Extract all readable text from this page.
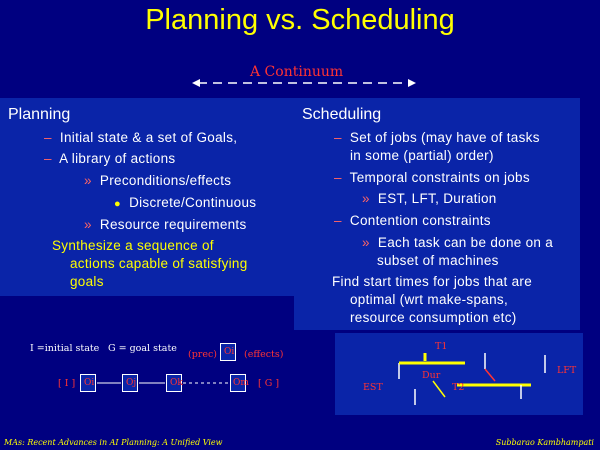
Planning vs. Scheduling
A Continuum
Planning
– Initial state & a set of Goals,
– A library of actions
» Preconditions/effects
● Discrete/Continuous
» Resource requirements
Synthesize a sequence of
actions capable of satisfying
goals
Scheduling
– Set of jobs (may have of tasks
in some (partial) order)
– Temporal constraints on jobs
» EST, LFT, Duration
– Contention constraints
» Each task can be done on a
subset of machines
Find start times for jobs that are
optimal (wrt make-spans,
resource consumption etc)
I =initial state G = goal state
(prec) Oi (effects)
[ I ] Oi	Oj	Ok	Om [ G ]
T1
Dur	LFT
EST	T2
MAs: Recent Advances in AI Planning: A Unified View	Subbarao Kambhampati
